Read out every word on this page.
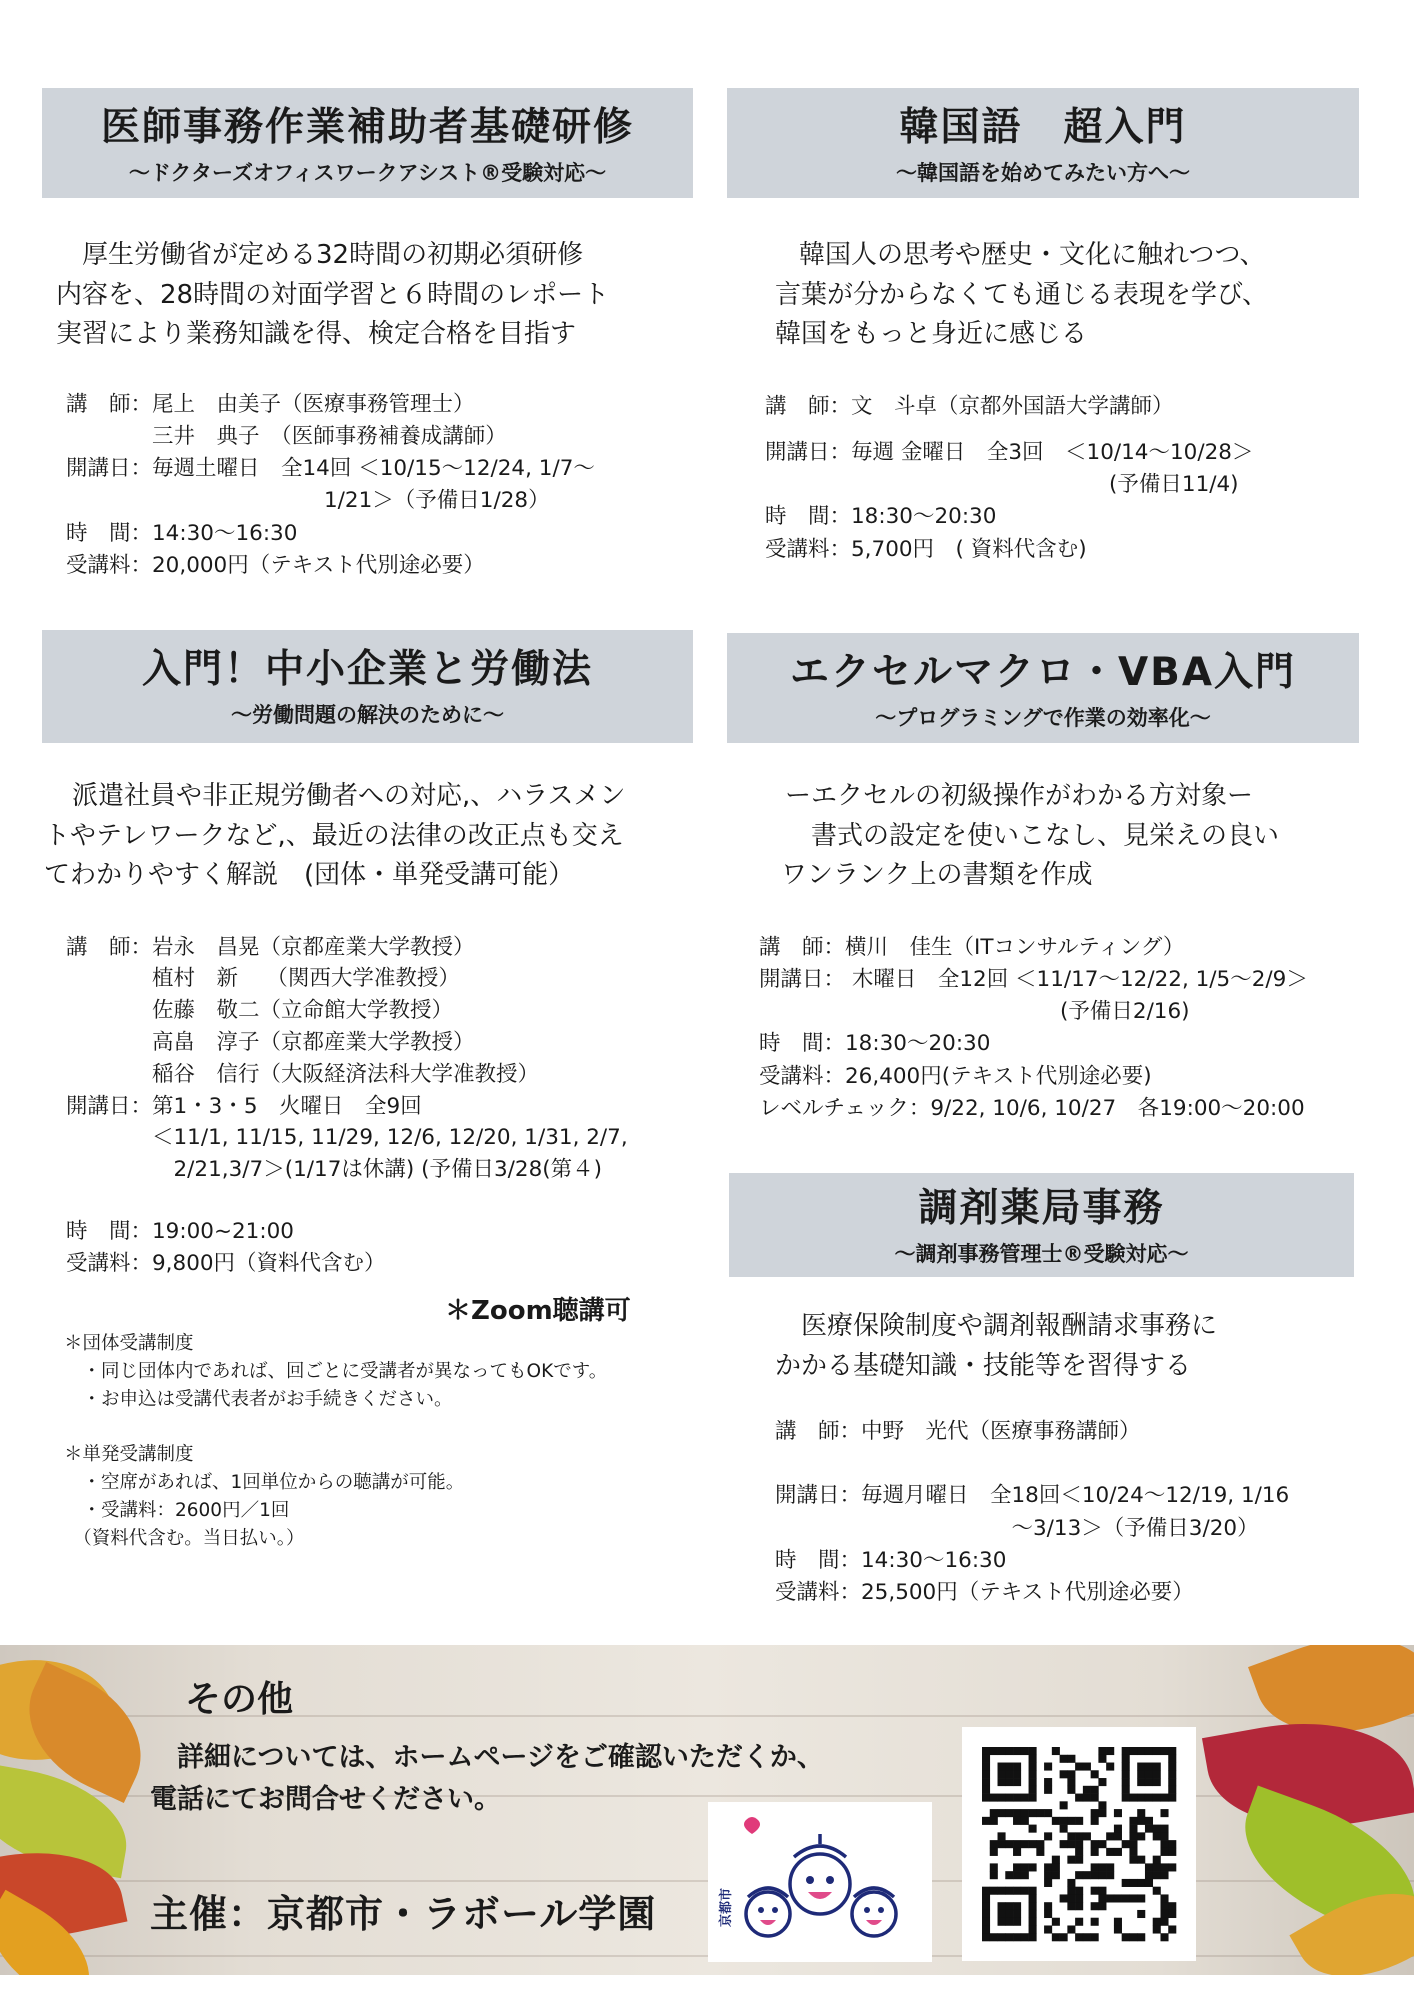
医師事務作業補助者基礎研修
〜ドクターズオフィスワークアシスト®受験対応〜
厚生労働省が定める32時間の初期必須研修
内容を、28時間の対面学習と６時間のレポート
実習により業務知識を得、検定合格を目指す
講　師：尾上　由美子（医療事務管理士）
　　　　三井　典子　（医師事務補養成講師）
開講日：毎週土曜日　全14回 ＜10/15〜12/24, 1/7〜
　　　　　　　　　　　　1/21＞（予備日1/28）
時　間：14:30〜16:30
受講料：20,000円（テキスト代別途必要）
韓国語　超入門
〜韓国語を始めてみたい方へ〜
韓国人の思考や歴史・文化に触れつつ、
言葉が分からなくても通じる表現を学び、
韓国をもっと身近に感じる
講　師：文　斗卓（京都外国語大学講師）
開講日：毎週 金曜日　全3回　＜10/14〜10/28＞
　　　　　　　　　　　　　　　　(予備日11/4)
時　間：18:30〜20:30
受講料：5,700円　( 資料代含む)
入門！中小企業と労働法
〜労働問題の解決のために〜
派遣社員や非正規労働者への対応,、ハラスメン
トやテレワークなど,、最近の法律の改正点も交え
てわかりやすく解説　(団体・単発受講可能）
講　師：岩永　昌晃（京都産業大学教授）
　　　　植村　新　 （関西大学准教授）
　　　　佐藤　敬二（立命館大学教授）
　　　　高畠　淳子（京都産業大学教授）
　　　　稲谷　信行（大阪経済法科大学准教授）
開講日：第1・3・5　火曜日　全9回
　　　　＜11/1, 11/15, 11/29, 12/6, 12/20, 1/31, 2/7,
　　　　　2/21,3/7＞(1/17は休講) (予備日3/28(第４)
時　間：19:00~21:00
受講料：9,800円（資料代含む）
＊Zoom聴講可
＊団体受講制度
　・同じ団体内であれば、回ごとに受講者が異なってもOKです。
　・お申込は受講代表者がお手続きください。
＊単発受講制度
　・空席があれば、1回単位からの聴講が可能。
　・受講料：2600円／1回
　（資料代含む。当日払い。）
エクセルマクロ・VBA入門
〜プログラミングで作業の効率化〜
ーエクセルの初級操作がわかる方対象ー
　書式の設定を使いこなし、見栄えの良い
ワンランク上の書類を作成
講　師：横川　佳生（ITコンサルティング）
開講日： 木曜日　全12回 ＜11/17〜12/22, 1/5〜2/9＞
　　　　　　　　　　　　　　(予備日2/16)
時　間：18:30〜20:30
受講料：26,400円(テキスト代別途必要)
レベルチェック：9/22, 10/6, 10/27　各19:00〜20:00
調剤薬局事務
〜調剤事務管理士®受験対応〜
　医療保険制度や調剤報酬請求事務に
かかる基礎知識・技能等を習得する
講　師：中野　光代（医療事務講師）
開講日：毎週月曜日　全18回＜10/24〜12/19, 1/16
　　　　　　　　　　　〜3/13＞（予備日3/20）
時　間：14:30〜16:30
受講料：25,500円（テキスト代別途必要）
その他
　詳細については、ホームページをご確認いただくか、
電話にてお問合せください。
主催：京都市・ラボール学園	京都市
